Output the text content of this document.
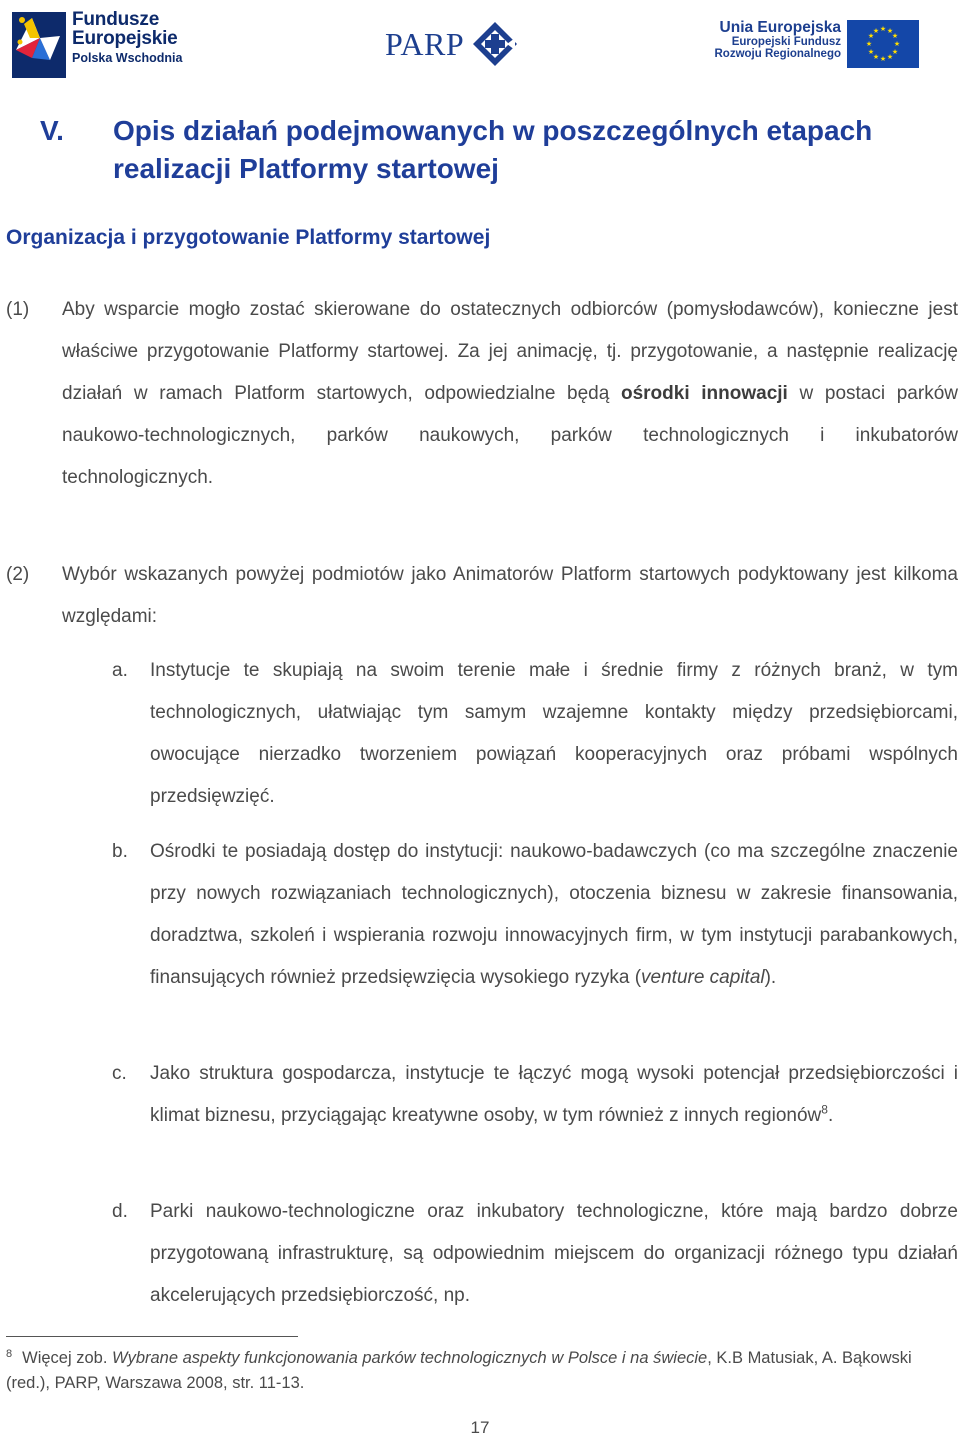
Fundusze
Europejskie
Polska Wschodnia	PARP	Unia Europejska
Europejski Fundusz
Rozwoju Regionalnego
★ ★
★
★
★
★
★
★
★
★
★
★
V. Opis działań podejmowanych w poszczególnych etapach realizacji Platformy startowej
Organizacja i przygotowanie Platformy startowej
(1) Aby wsparcie mogło zostać skierowane do ostatecznych odbiorców (pomysłodawców), konieczne jest właściwe przygotowanie Platformy startowej. Za jej animację, tj. przygotowanie, a następnie realizację działań w ramach Platform startowych, odpowiedzialne będą ośrodki innowacji w postaci parków naukowo-technologicznych, parków naukowych, parków technologicznych i inkubatorów technologicznych.
(2) Wybór wskazanych powyżej podmiotów jako Animatorów Platform startowych podyktowany jest kilkoma względami:
a. Instytucje te skupiają na swoim terenie małe i średnie firmy z różnych branż, w tym technologicznych, ułatwiając tym samym wzajemne kontakty między przedsiębiorcami, owocujące nierzadko tworzeniem powiązań kooperacyjnych oraz próbami wspólnych przedsięwzięć.
b. Ośrodki te posiadają dostęp do instytucji: naukowo-badawczych (co ma szczególne znaczenie przy nowych rozwiązaniach technologicznych), otoczenia biznesu w zakresie finansowania, doradztwa, szkoleń i wspierania rozwoju innowacyjnych firm, w tym instytucji parabankowych, finansujących również przedsięwzięcia wysokiego ryzyka (venture capital).
c. Jako struktura gospodarcza, instytucje te łączyć mogą wysoki potencjał przedsiębiorczości i klimat biznesu, przyciągając kreatywne osoby, w tym również z innych regionów$^8$.
d. Parki naukowo-technologiczne oraz inkubatory technologiczne, które mają bardzo dobrze przygotowaną infrastrukturę, są odpowiednim miejscem do organizacji różnego typu działań akcelerujących przedsiębiorczość, np.
$^8$ Więcej zob. Wybrane aspekty funkcjonowania parków technologicznych w Polsce i na świecie, K.B Matusiak, A. Bąkowski (red.), PARP, Warszawa 2008, str. 11-13.
17
